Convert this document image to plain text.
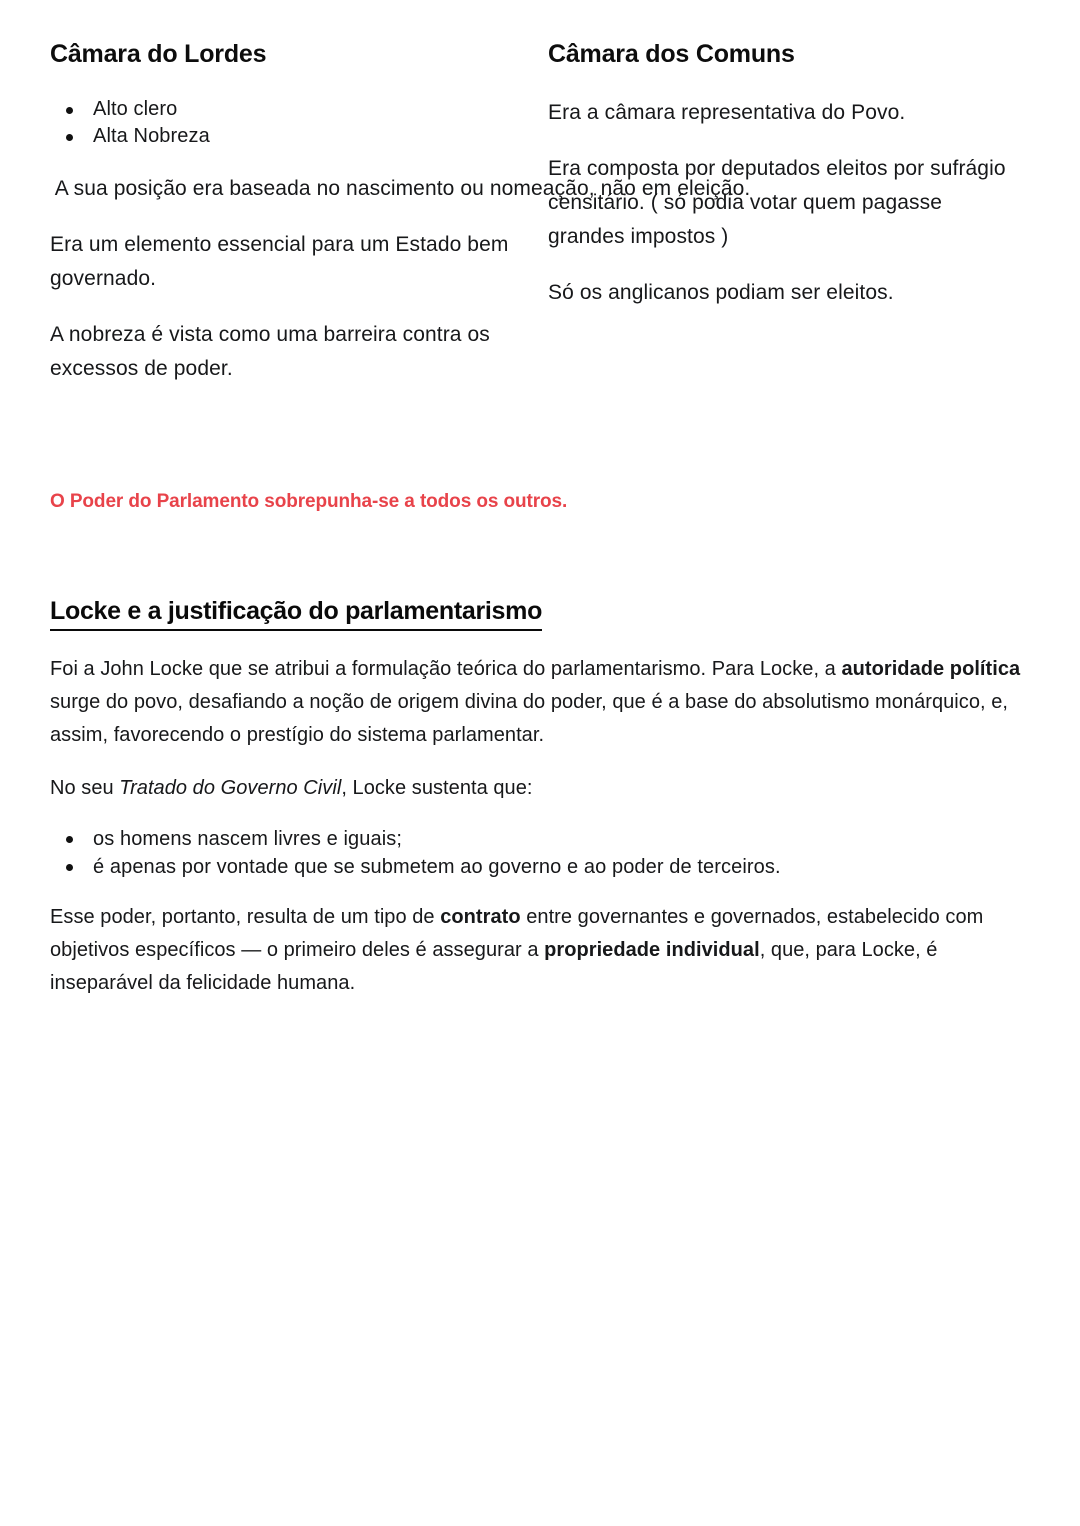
Câmara do Lordes
Alto clero
Alta Nobreza

A sua posição era baseada no nascimento ou nomeação, não em eleição.

Era um elemento essencial para um Estado bem governado.

A nobreza é vista como uma barreira contra os excessos de poder.

Câmara dos Comuns

Era a câmara representativa do Povo.

Era composta por deputados eleitos por sufrágio censitário. ( só podia votar quem pagasse grandes impostos )

Só os anglicanos podiam ser eleitos.

O Poder do Parlamento sobrepunha-se a todos os outros.
Locke e a justificação do parlamentarismo

Foi a John Locke que se atribui a formulação teórica do parlamentarismo. Para Locke, a autoridade política surge do povo, desafiando a noção de origem divina do poder, que é a base do absolutismo monárquico, e, assim, favorecendo o prestígio do sistema parlamentar.

No seu Tratado do Governo Civil, Locke sustenta que:

os homens nascem livres e iguais;
é apenas por vontade que se submetem ao governo e ao poder de terceiros.

Esse poder, portanto, resulta de um tipo de contrato entre governantes e governados, estabelecido com objetivos específicos — o primeiro deles é assegurar a propriedade individual, que, para Locke, é inseparável da felicidade humana.
